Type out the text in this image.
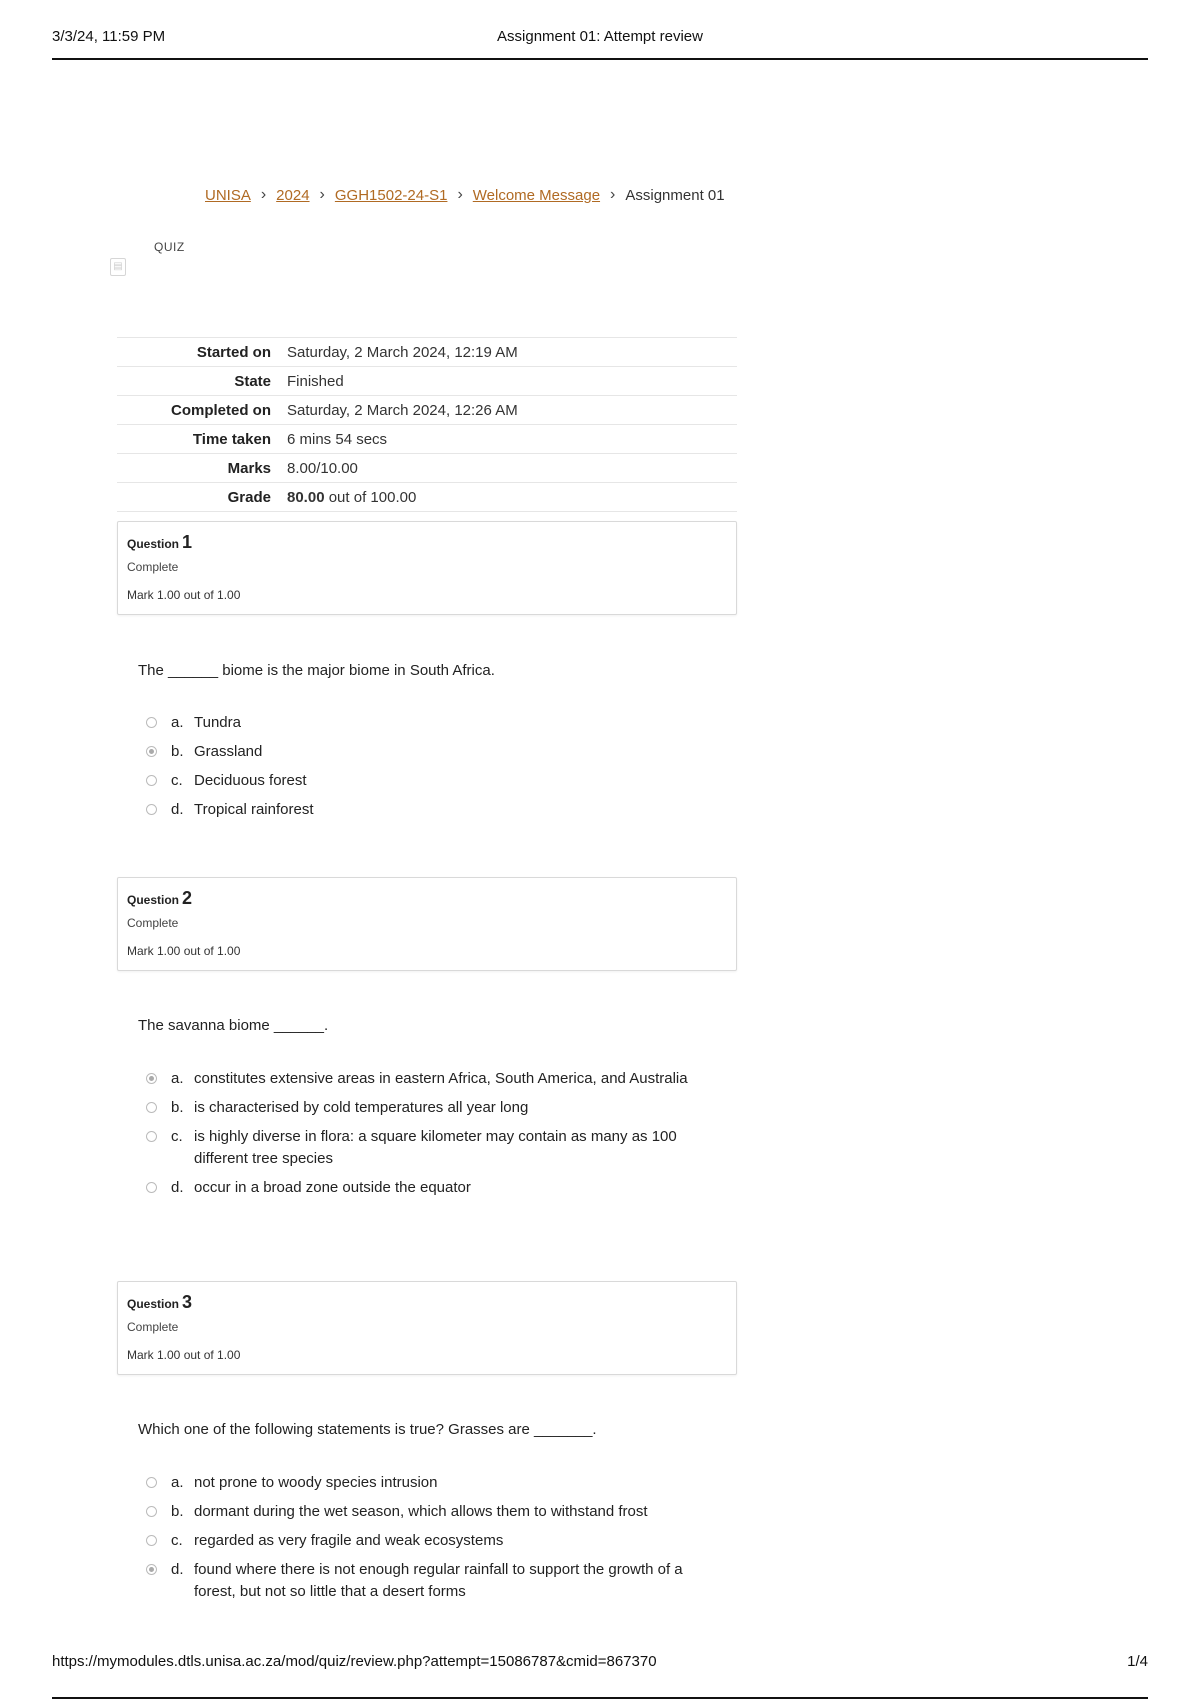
3/3/24, 11:59 PM	Assignment 01: Attempt review
UNISA › 2024 › GGH1502-24-S1 › Welcome Message › Assignment 01
QUIZ
▤
Started on	Saturday, 2 March 2024, 12:19 AM
State	Finished
Completed on	Saturday, 2 March 2024, 12:26 AM
Time taken	6 mins 54 secs
Marks	8.00/10.00
Grade	80.00 out of 100.00
Question 1
Complete
Mark 1.00 out of 1.00
The ______ biome is the major biome in South Africa.
a. Tundra
b. Grassland
c. Deciduous forest
d. Tropical rainforest
Question 2
Complete
Mark 1.00 out of 1.00
The savanna biome ______.
a. constitutes extensive areas in eastern Africa, South America, and Australia
b. is characterised by cold temperatures all year long
c. is highly diverse in flora: a square kilometer may contain as many as 100 different tree species
d. occur in a broad zone outside the equator
Question 3
Complete
Mark 1.00 out of 1.00
Which one of the following statements is true? Grasses are _______.
a. not prone to woody species intrusion
b. dormant during the wet season, which allows them to withstand frost
c. regarded as very fragile and weak ecosystems
d. found where there is not enough regular rainfall to support the growth of a forest, but not so little that a desert forms
https://mymodules.dtls.unisa.ac.za/mod/quiz/review.php?attempt=15086787&cmid=867370	1/4
